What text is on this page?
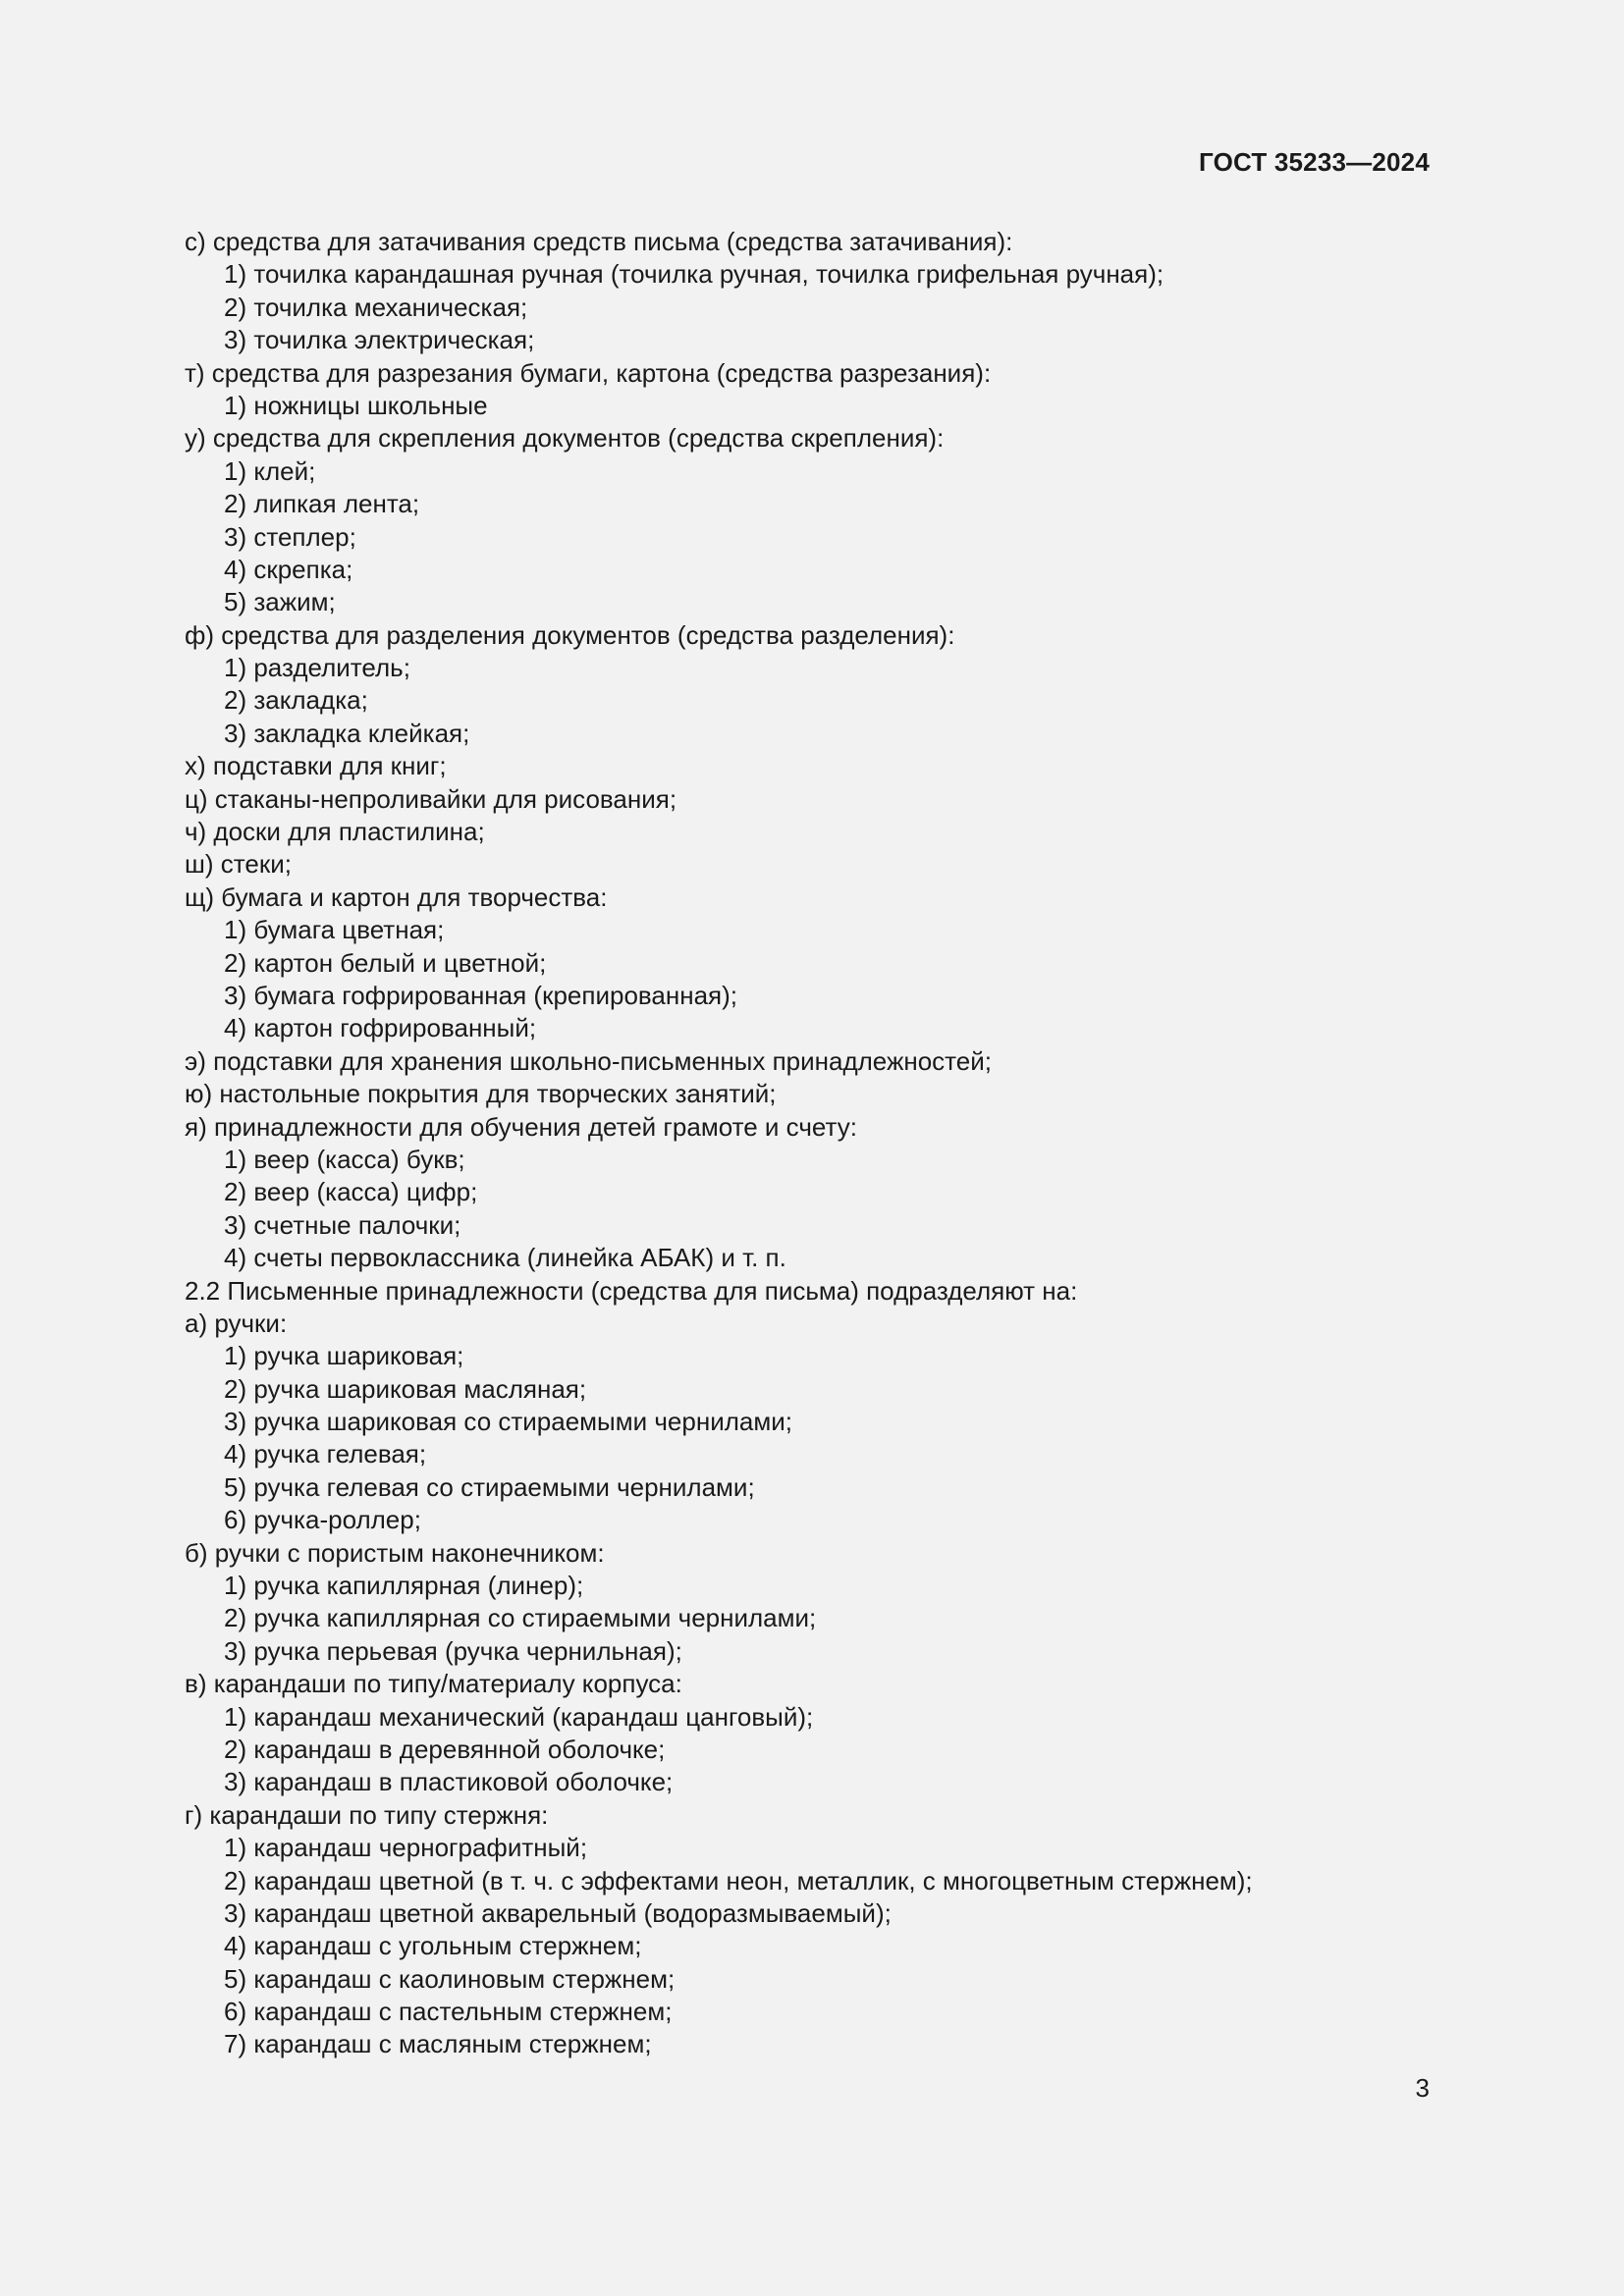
ГОСТ 35233—2024
с) средства для затачивания средств письма (средства затачивания):
1) точилка карандашная ручная (точилка ручная, точилка грифельная ручная);
2) точилка механическая;
3) точилка электрическая;
т) средства для разрезания бумаги, картона (средства разрезания):
1) ножницы школьные
у) средства для скрепления документов (средства скрепления):
1) клей;
2) липкая лента;
3) степлер;
4) скрепка;
5) зажим;
ф) средства для разделения документов (средства разделения):
1) разделитель;
2) закладка;
3) закладка клейкая;
х) подставки для книг;
ц) стаканы-непроливайки для рисования;
ч) доски для пластилина;
ш) стеки;
щ) бумага и картон для творчества:
1) бумага цветная;
2) картон белый и цветной;
3) бумага гофрированная (крепированная);
4) картон гофрированный;
э) подставки для хранения школьно-письменных принадлежностей;
ю) настольные покрытия для творческих занятий;
я) принадлежности для обучения детей грамоте и счету:
1) веер (касса) букв;
2) веер (касса) цифр;
3) счетные палочки;
4) счеты первоклассника (линейка АБАК) и т. п.
2.2 Письменные принадлежности (средства для письма) подразделяют на:
а) ручки:
1) ручка шариковая;
2) ручка шариковая масляная;
3) ручка шариковая со стираемыми чернилами;
4) ручка гелевая;
5) ручка гелевая со стираемыми чернилами;
6) ручка-роллер;
б) ручки с пористым наконечником:
1) ручка капиллярная (линер);
2) ручка капиллярная со стираемыми чернилами;
3) ручка перьевая (ручка чернильная);
в) карандаши по типу/материалу корпуса:
1) карандаш механический (карандаш цанговый);
2) карандаш в деревянной оболочке;
3) карандаш в пластиковой оболочке;
г) карандаши по типу стержня:
1) карандаш чернографитный;
2) карандаш цветной (в т. ч. с эффектами неон, металлик, с многоцветным стержнем);
3) карандаш цветной акварельный (водоразмываемый);
4) карандаш с угольным стержнем;
5) карандаш с каолиновым стержнем;
6) карандаш с пастельным стержнем;
7) карандаш с масляным стержнем;
3
